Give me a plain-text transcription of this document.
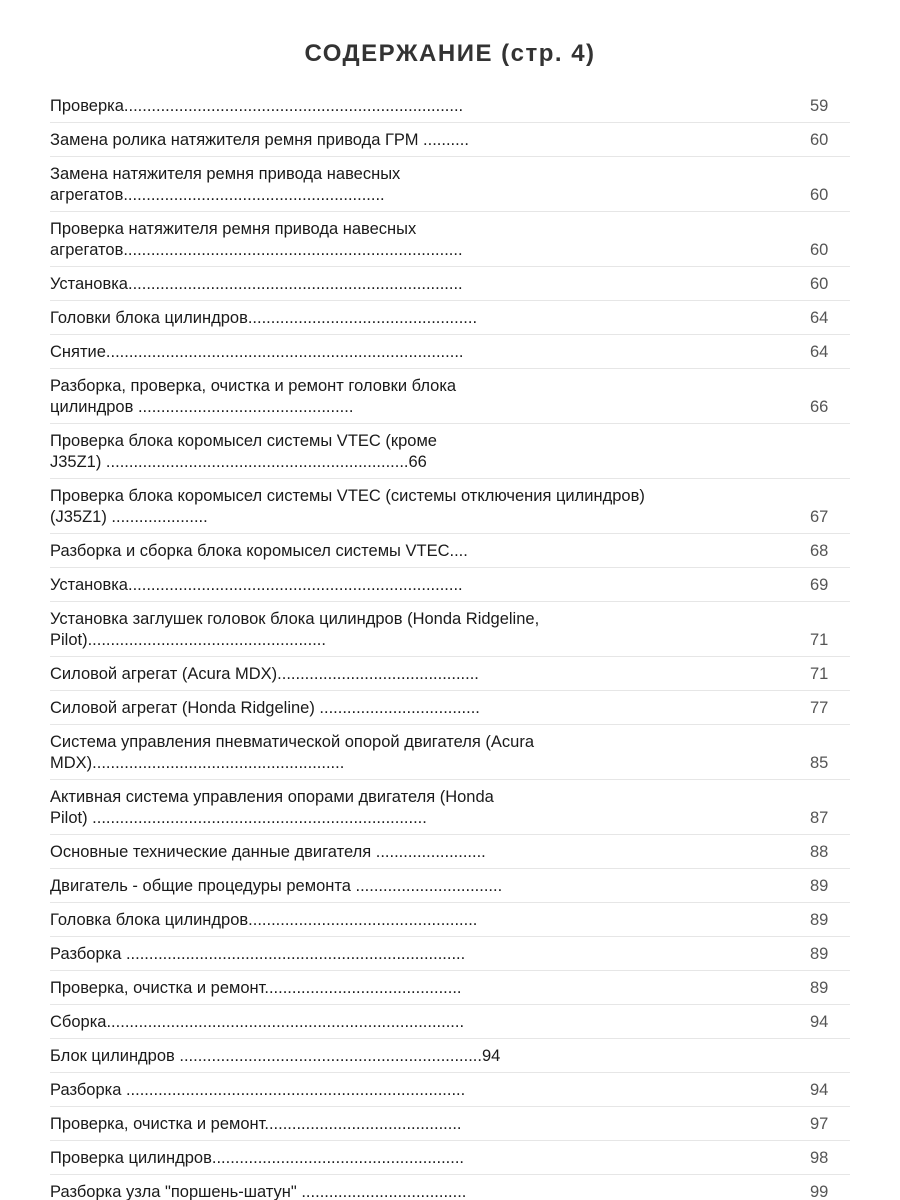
СОДЕРЖАНИЕ (стр. 4)
Проверка..........................................................................	59
Замена ролика натяжителя ремня привода ГРМ ..........	60
Замена натяжителя ремня привода навесных
агрегатов.........................................................	60
Проверка натяжителя ремня привода навесных
агрегатов..........................................................................	60
Установка.........................................................................	60
Головки блока цилиндров..................................................	64
Снятие..............................................................................	64
Разборка, проверка, очистка и ремонт головки блока
цилиндров ...............................................	66
Проверка блока коромысел системы VTEC (кроме
J35Z1) ..................................................................66
Проверка блока коромысел системы VTEC (системы отключения цилиндров)
(J35Z1) .....................	67
Разборка и сборка блока коромысел системы VTEC....	68
Установка.........................................................................	69
Установка заглушек головок блока цилиндров (Honda Ridgeline,
Pilot)....................................................	71
Силовой агрегат (Acura MDX)............................................	71
Силовой агрегат (Honda Ridgeline) ...................................	77
Система управления пневматической опорой двигателя (Acura
MDX).......................................................	85
Активная система управления опорами двигателя (Honda
Pilot) .........................................................................	87
Основные технические данные двигателя ........................	88
Двигатель - общие процедуры ремонта ................................	89
Головка блока цилиндров..................................................	89
Разборка ..........................................................................	89
Проверка, очистка и ремонт...........................................	89
Сборка..............................................................................	94
Блок цилиндров ..................................................................94
Разборка ..........................................................................	94
Проверка, очистка и ремонт...........................................	97
Проверка цилиндров.......................................................	98
Разборка узла "поршень-шатун" ....................................	99
